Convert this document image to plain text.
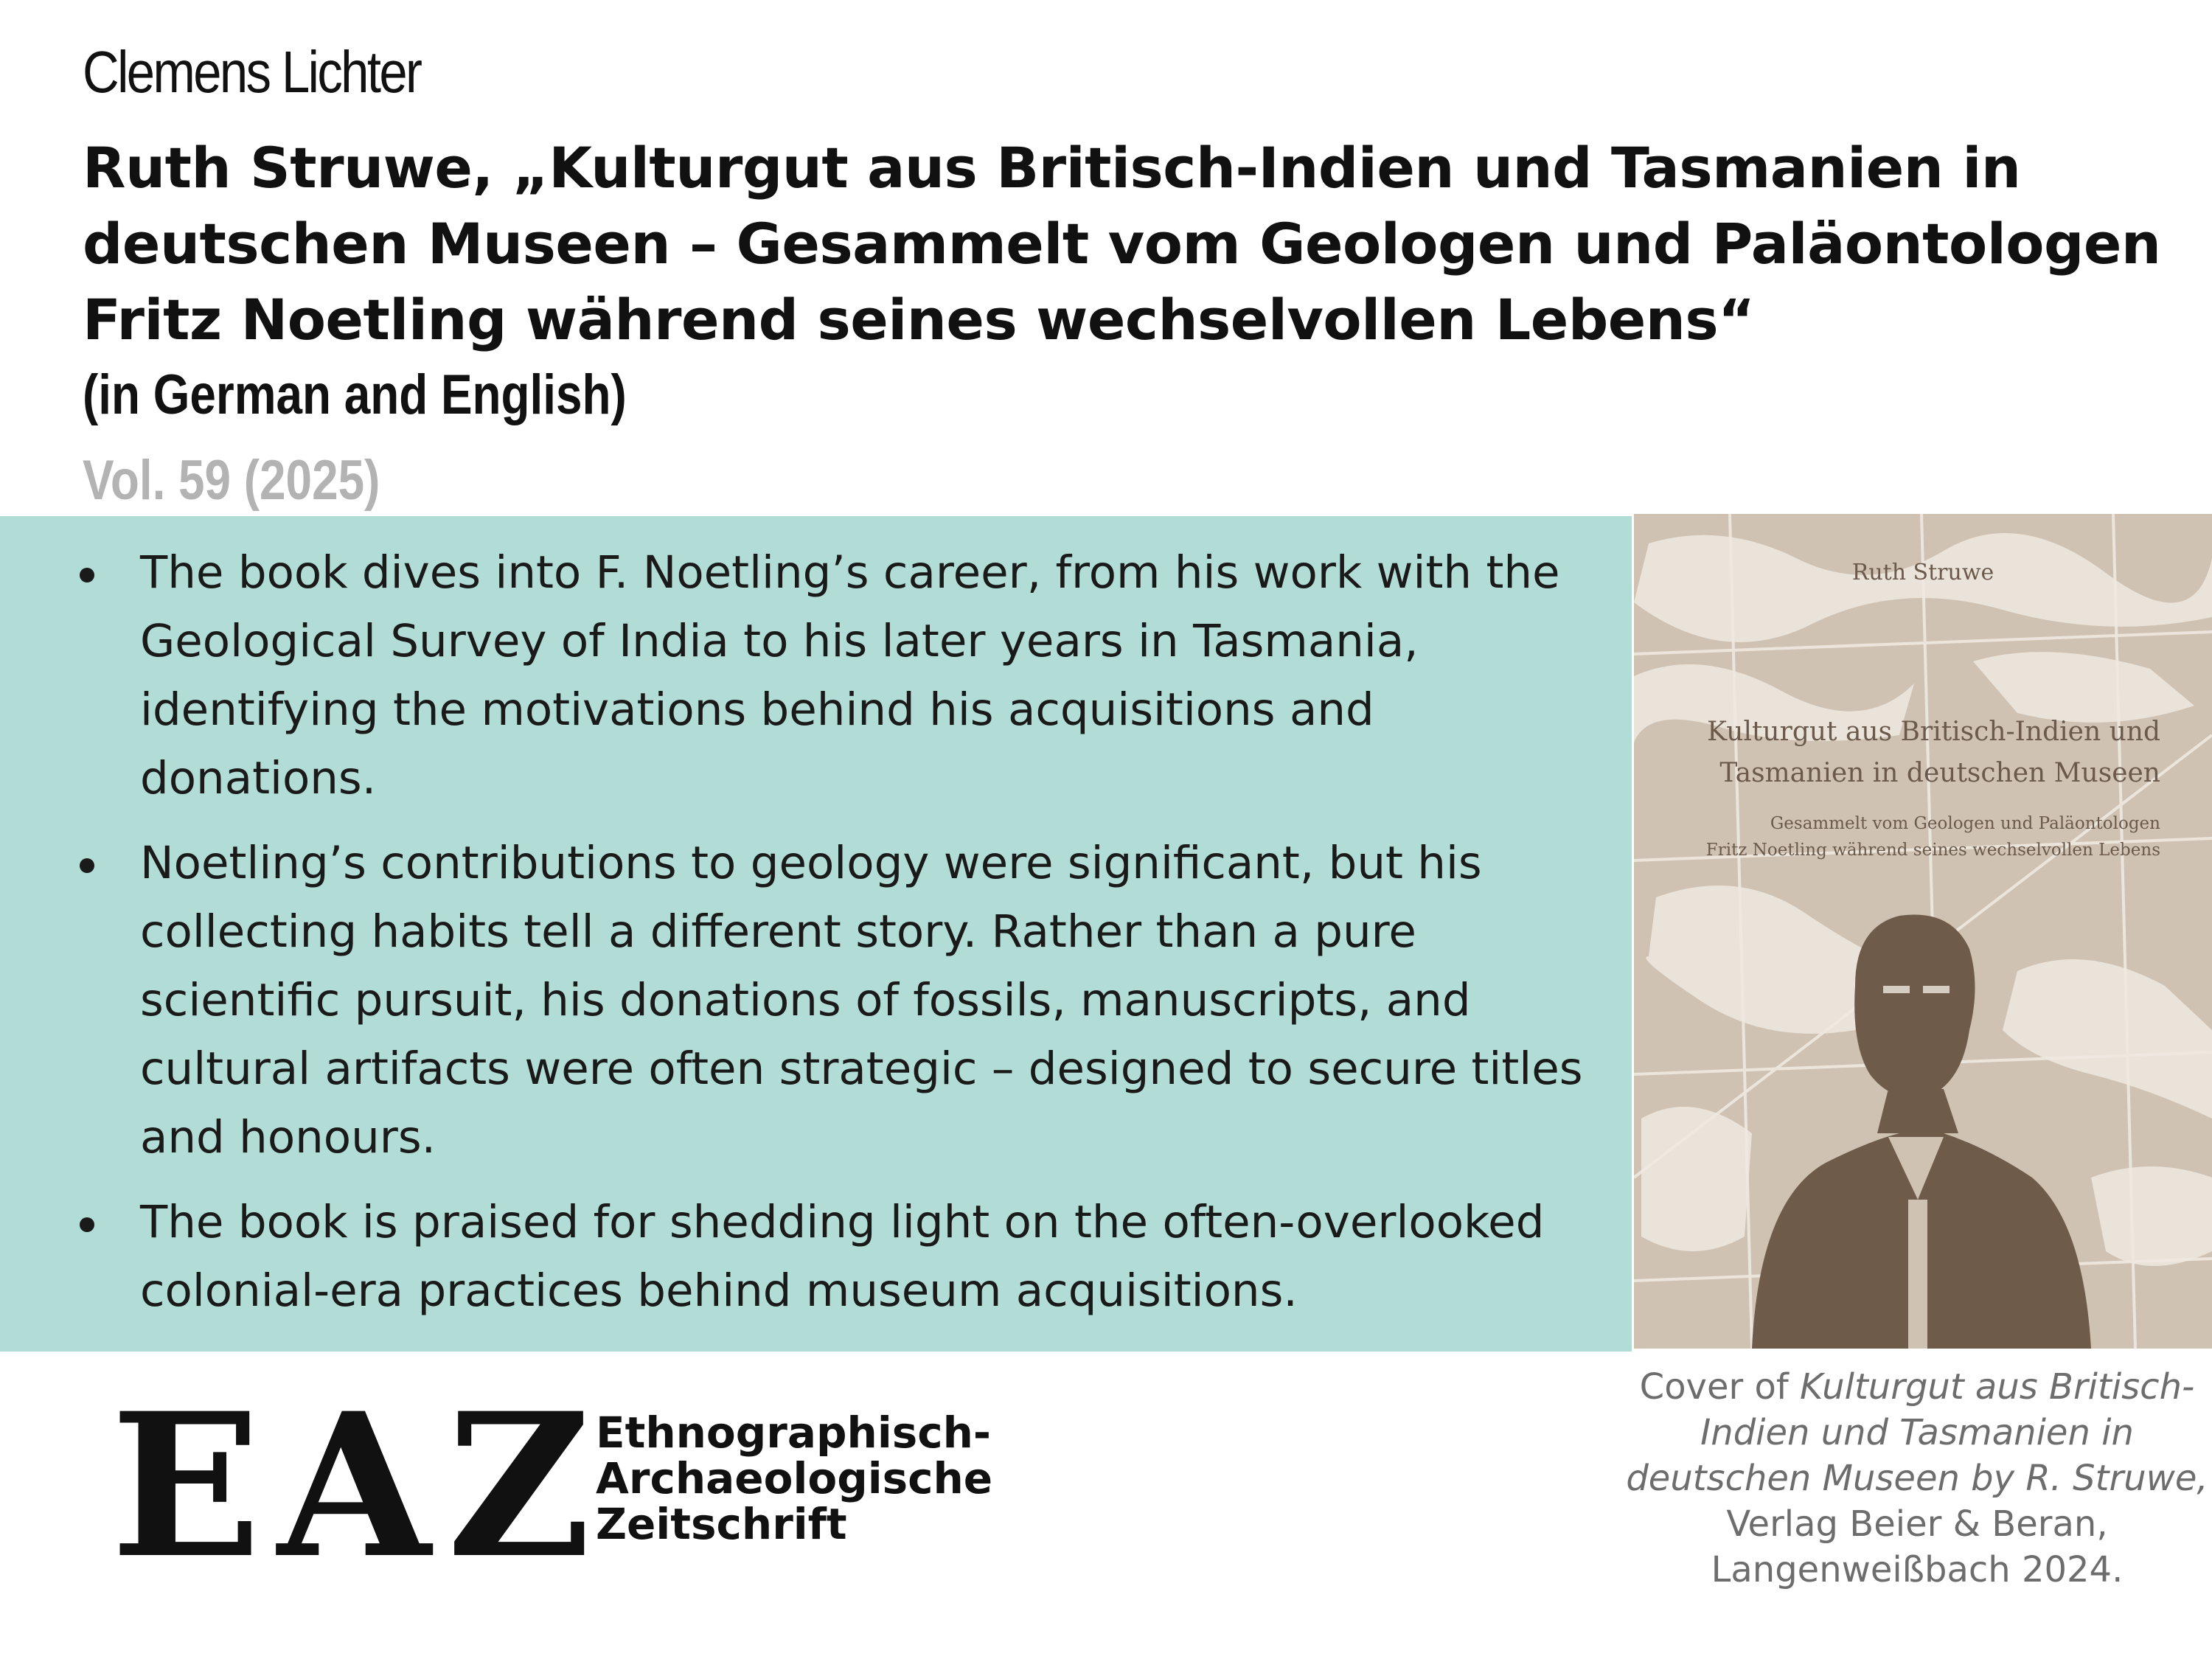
Clemens Lichter
Ruth Struwe, „Kulturgut aus Britisch-Indien und Tasmanien in
deutschen Museen – Gesammelt vom Geologen und Paläontologen
Fritz Noetling während seines wechselvollen Lebens“
(in German and English)
Vol. 59 (2025)
The book dives into F. Noetling’s career, from his work with the Geological Survey of India to his later years in Tasmania, identifying the motivations behind his acquisitions and donations.
Noetling’s contributions to geology were significant, but his collecting habits tell a different story. Rather than a pure scientific pursuit, his donations of fossils, manuscripts, and cultural artifacts were often strategic – designed to secure titles and honours.
The book is praised for shedding light on the often-overlooked colonial-era practices behind museum acquisitions.
Ruth Struwe
Kulturgut aus Britisch-Indien und
Tasmanien in deutschen Museen
Gesammelt vom Geologen und Paläontologen
Fritz Noetling während seines wechselvollen Lebens
EAZ
Ethnographisch-
Archaeologische
Zeitschrift
Cover of Kulturgut aus Britisch-Indien und Tasmanien in deutschen Museen by R. Struwe,
Verlag Beier & Beran,
Langenweißbach 2024.
